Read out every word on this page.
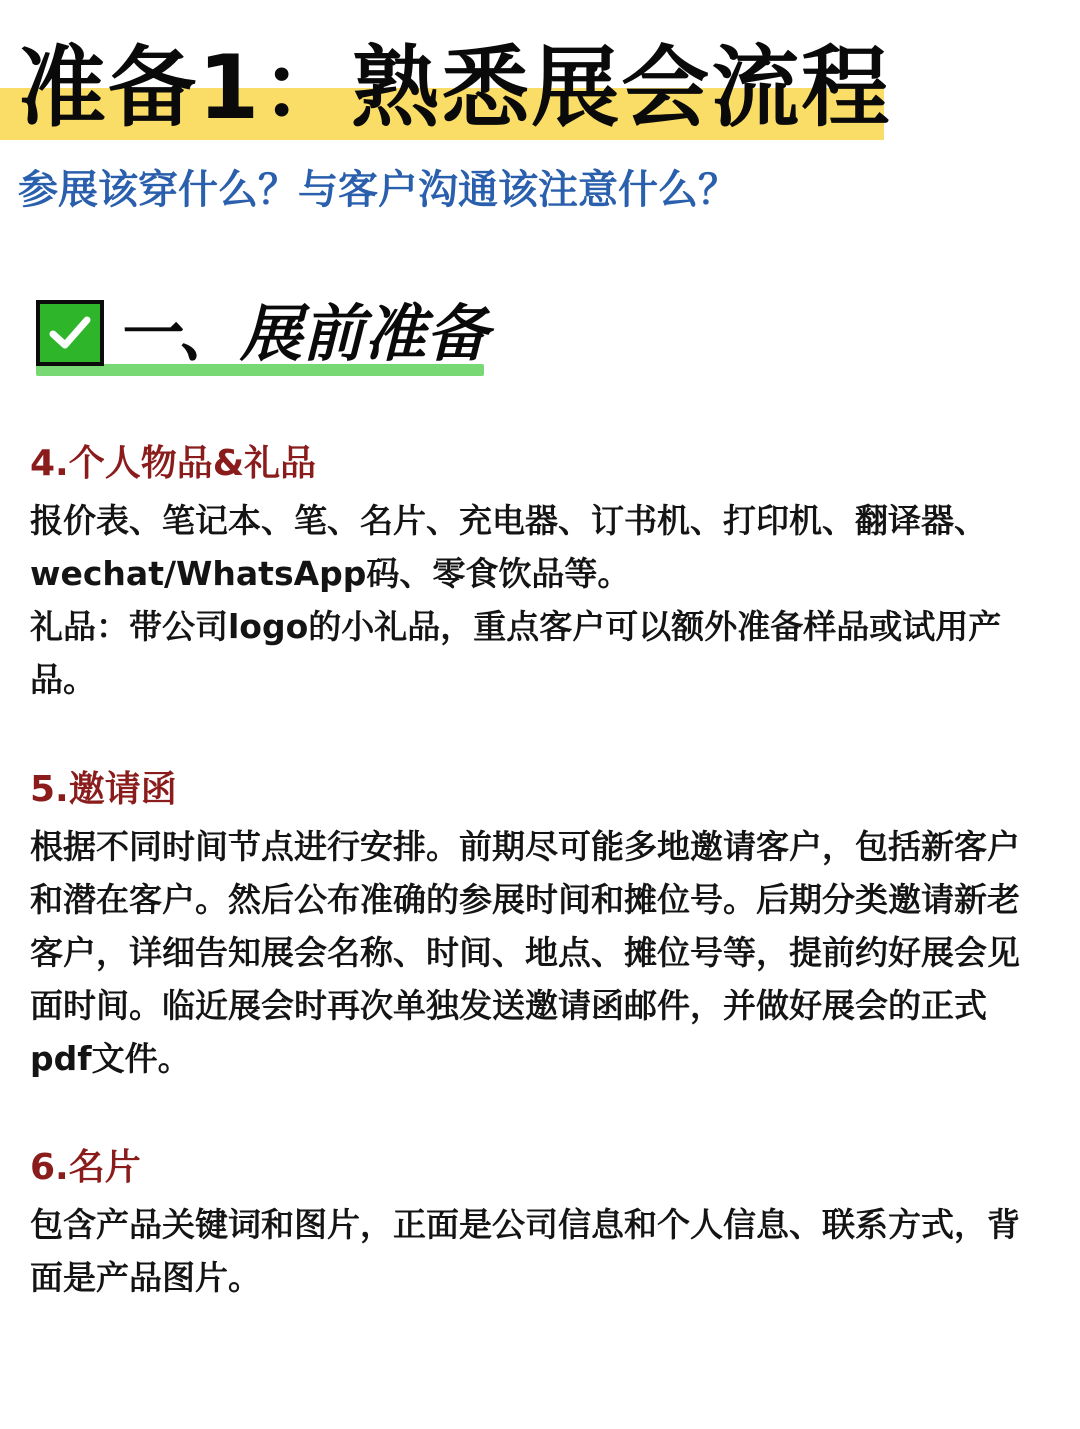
准备1：熟悉展会流程
参展该穿什么？与客户沟通该注意什么？
一、展前准备
4.个人物品&礼品

报价表、笔记本、笔、名片、充电器、订书机、打印机、翻译器、wechat/WhatsApp码、零食饮品等。

礼品：带公司logo的小礼品，重点客户可以额外准备样品或试用产品。

5.邀请函

根据不同时间节点进行安排。前期尽可能多地邀请客户，包括新客户和潜在客户。然后公布准确的参展时间和摊位号。后期分类邀请新老客户，详细告知展会名称、时间、地点、摊位号等，提前约好展会见面时间。临近展会时再次单独发送邀请函邮件，并做好展会的正式pdf文件。

6.名片

包含产品关键词和图片，正面是公司信息和个人信息、联系方式，背面是产品图片。
